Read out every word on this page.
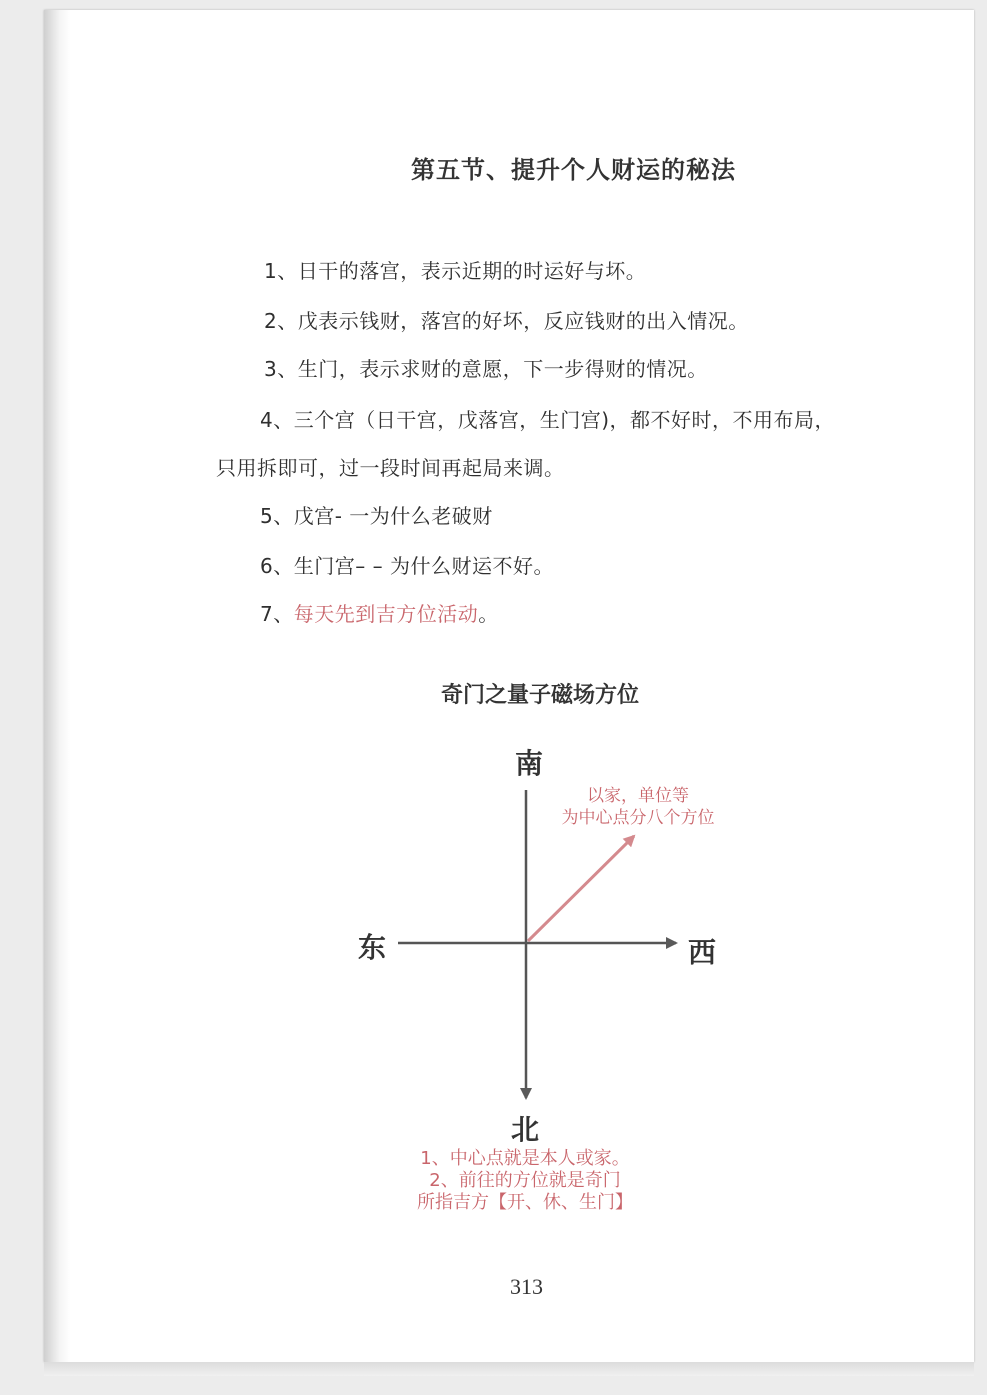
第五节、提升个人财运的秘法
1、日干的落宫，表示近期的时运好与坏。
2、戊表示钱财，落宫的好坏，反应钱财的出入情况。
3、生门，表示求财的意愿，下一步得财的情况。
4、三个宫（日干宫，戊落宫，生门宫)，都不好时，不用布局，
只用拆即可，过一段时间再起局来调。
5、戊宫- 一为什么老破财
6、生门宫– – 为什么财运不好。
7、每天先到吉方位活动。
奇门之量子磁场方位
南
东	西
北
以家，单位等
为中心点分八个方位
1、中心点就是本人或家。
2、前往的方位就是奇门
所指吉方【开、休、生门】
313
